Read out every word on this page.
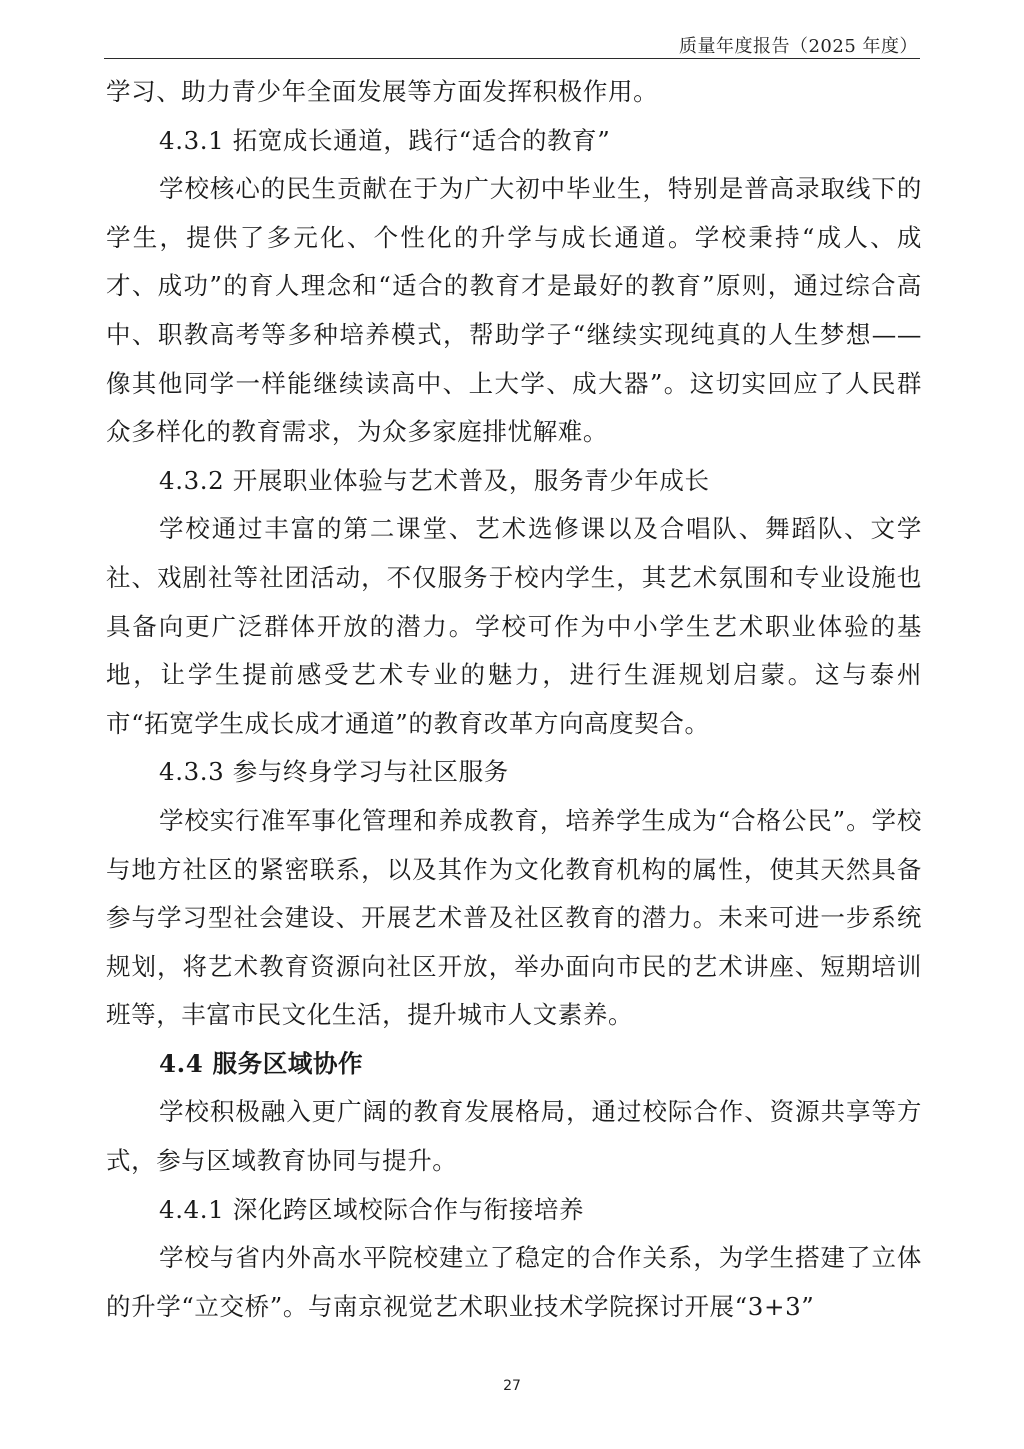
质量年度报告（2025 年度）

学习、助力青少年全面发展等方面发挥积极作用。

4.3.1 拓宽成长通道，践行“适合的教育”

学校核心的民生贡献在于为广大初中毕业生，特别是普高录取线下的学生，提供了多元化、个性化的升学与成长通道。学校秉持“成人、成才、成功”的育人理念和“适合的教育才是最好的教育”原则，通过综合高中、职教高考等多种培养模式，帮助学子“继续实现纯真的人生梦想——像其他同学一样能继续读高中、上大学、成大器”。这切实回应了人民群众多样化的教育需求，为众多家庭排忧解难。

4.3.2 开展职业体验与艺术普及，服务青少年成长

学校通过丰富的第二课堂、艺术选修课以及合唱队、舞蹈队、文学社、戏剧社等社团活动，不仅服务于校内学生，其艺术氛围和专业设施也具备向更广泛群体开放的潜力。学校可作为中小学生艺术职业体验的基地，让学生提前感受艺术专业的魅力，进行生涯规划启蒙。这与泰州市“拓宽学生成长成才通道”的教育改革方向高度契合。

4.3.3 参与终身学习与社区服务

学校实行准军事化管理和养成教育，培养学生成为“合格公民”。学校与地方社区的紧密联系，以及其作为文化教育机构的属性，使其天然具备参与学习型社会建设、开展艺术普及社区教育的潜力。未来可进一步系统规划，将艺术教育资源向社区开放，举办面向市民的艺术讲座、短期培训班等，丰富市民文化生活，提升城市人文素养。

4.4 服务区域协作

学校积极融入更广阔的教育发展格局，通过校际合作、资源共享等方式，参与区域教育协同与提升。

4.4.1 深化跨区域校际合作与衔接培养

学校与省内外高水平院校建立了稳定的合作关系，为学生搭建了立体的升学“立交桥”。与南京视觉艺术职业技术学院探讨开展“3+3”

27
